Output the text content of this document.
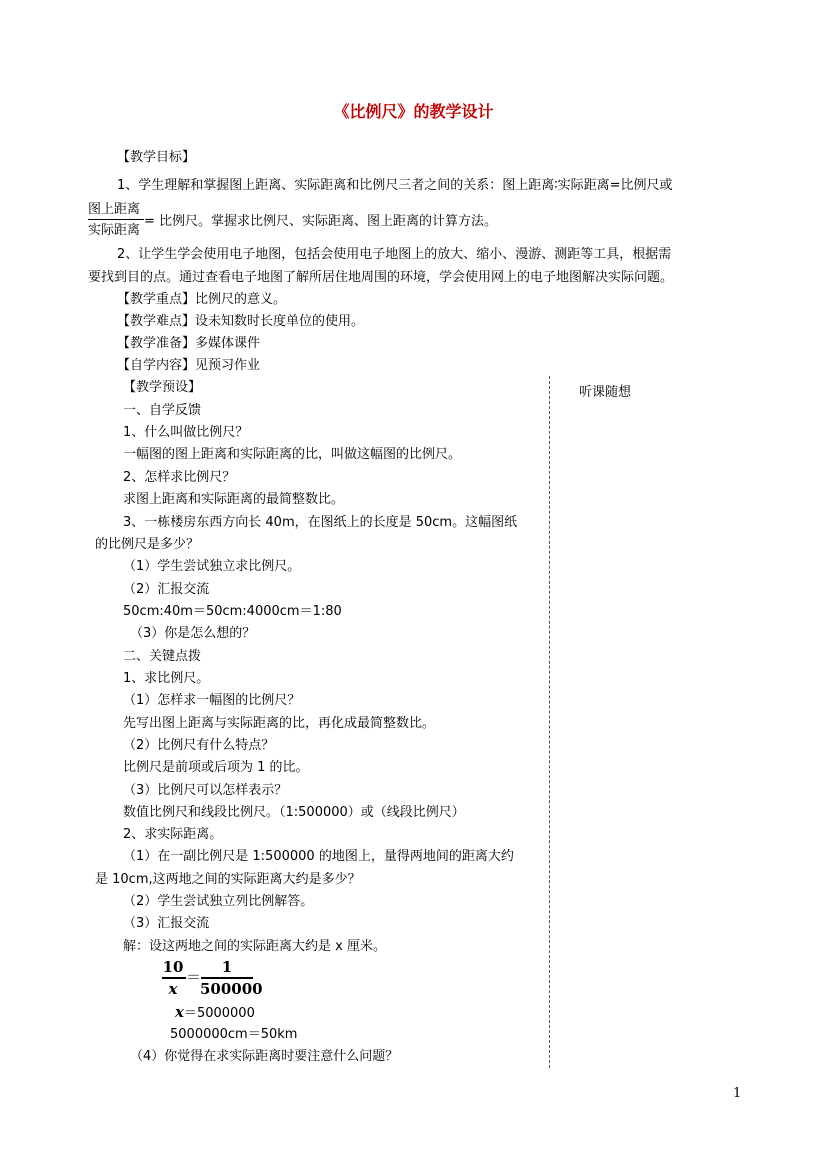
《比例尺》的教学设计
【教学目标】
1、学生理解和掌握图上距离、实际距离和比例尺三者之间的关系：图上距离∶实际距离=比例尺或
图上距离
实际距离
= 比例尺。掌握求比例尺、实际距离、图上距离的计算方法。
2、让学生学会使用电子地图，包括会使用电子地图上的放大、缩小、漫游、测距等工具，根据需
要找到目的点。通过查看电子地图了解所居住地周围的环境，学会使用网上的电子地图解决实际问题。
【教学重点】比例尺的意义。
【教学难点】设未知数时长度单位的使用。
【教学准备】多媒体课件
【自学内容】见预习作业
听课随想
【教学预设】
一、自学反馈
1、什么叫做比例尺？
一幅图的图上距离和实际距离的比，叫做这幅图的比例尺。
2、怎样求比例尺？
求图上距离和实际距离的最简整数比。
3、一栋楼房东西方向长 40m，在图纸上的长度是 50cm。这幅图纸
的比例尺是多少？
（1）学生尝试独立求比例尺。
（2）汇报交流
50cm:40m＝50cm:4000cm＝1:80
（3）你是怎么想的？
二、关键点拨
1、求比例尺。
（1）怎样求一幅图的比例尺？
先写出图上距离与实际距离的比，再化成最简整数比。
（2）比例尺有什么特点？
比例尺是前项或后项为 1 的比。
（3）比例尺可以怎样表示？
数值比例尺和线段比例尺。（1:500000）或（线段比例尺）
2、求实际距离。
（1）在一副比例尺是 1:500000 的地图上，量得两地间的距离大约
是 10cm,这两地之间的实际距离大约是多少？
（2）学生尝试独立列比例解答。
（3）汇报交流
解：设这两地之间的实际距离大约是 x 厘米。
10
x
＝
1
500000
x＝5000000
5000000cm＝50km
（4）你觉得在求实际距离时要注意什么问题？
1
